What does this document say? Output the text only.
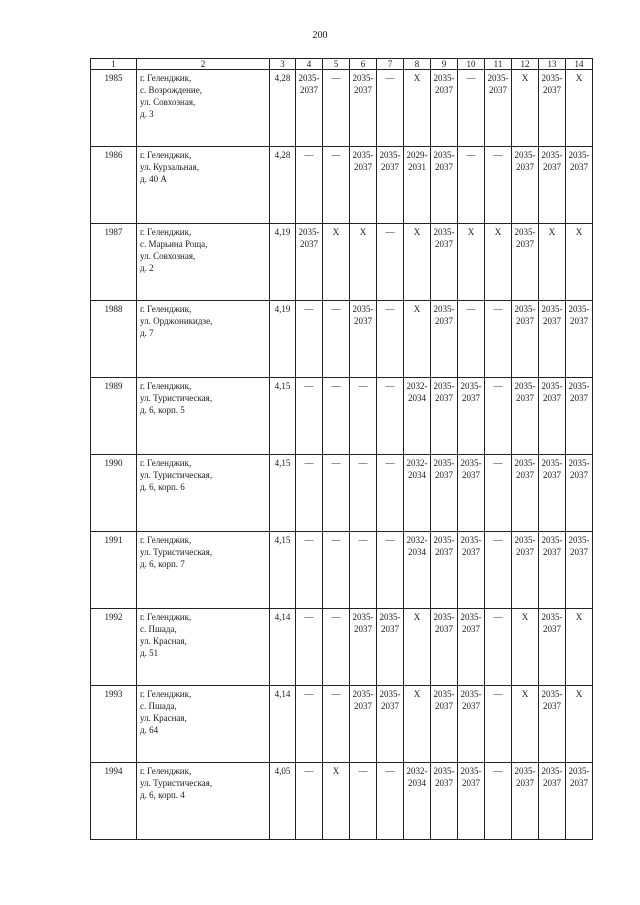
200
1	2	3	4	5	6	7	8	9	10	11	12	13	14
1985	г. Геленджик,
с. Возрождение,
ул. Совхозная,
д. 3	4,28	2035-
2037	—	2035-
2037	—	X	2035-
2037	—	2035-
2037	X	2035-
2037	X

1986	г. Геленджик,
ул. Курзальная,
д. 40 А	4,28	—	—	2035-
2037	2035-
2037	2029-
2031	2035-
2037	—	—	2035-
2037	2035-
2037	2035-
2037

1987	г. Геленджик,
с. Марьина Роща,
ул. Совхозная,
д. 2	4,19	2035-
2037	X	X	—	X	2035-
2037	X	X	2035-
2037	X	X

1988	г. Геленджик,
ул. Орджоникидзе,
д. 7	4,19	—	—	2035-
2037	—	X	2035-
2037	—	—	2035-
2037	2035-
2037	2035-
2037

1989	г. Геленджик,
ул. Туристическая,
д. 6, корп. 5	4,15	—	—	—	—	2032-
2034	2035-
2037	2035-
2037	—	2035-
2037	2035-
2037	2035-
2037

1990	г. Геленджик,
ул. Туристическая,
д. 6, корп. 6	4,15	—	—	—	—	2032-
2034	2035-
2037	2035-
2037	—	2035-
2037	2035-
2037	2035-
2037

1991	г. Геленджик,
ул. Туристическая,
д. 6, корп. 7	4,15	—	—	—	—	2032-
2034	2035-
2037	2035-
2037	—	2035-
2037	2035-
2037	2035-
2037

1992	г. Геленджик,
с. Пшада,
ул. Красная,
д. 51	4,14	—	—	2035-
2037	2035-
2037	X	2035-
2037	2035-
2037	—	X	2035-
2037	X

1993	г. Геленджик,
с. Пшада,
ул. Красная,
д. 64	4,14	—	—	2035-
2037	2035-
2037	X	2035-
2037	2035-
2037	—	X	2035-
2037	X

1994	г. Геленджик,
ул. Туристическая,
д. 6, корп. 4	4,05	—	X	—	—	2032-
2034	2035-
2037	2035-
2037	—	2035-
2037	2035-
2037	2035-
2037
